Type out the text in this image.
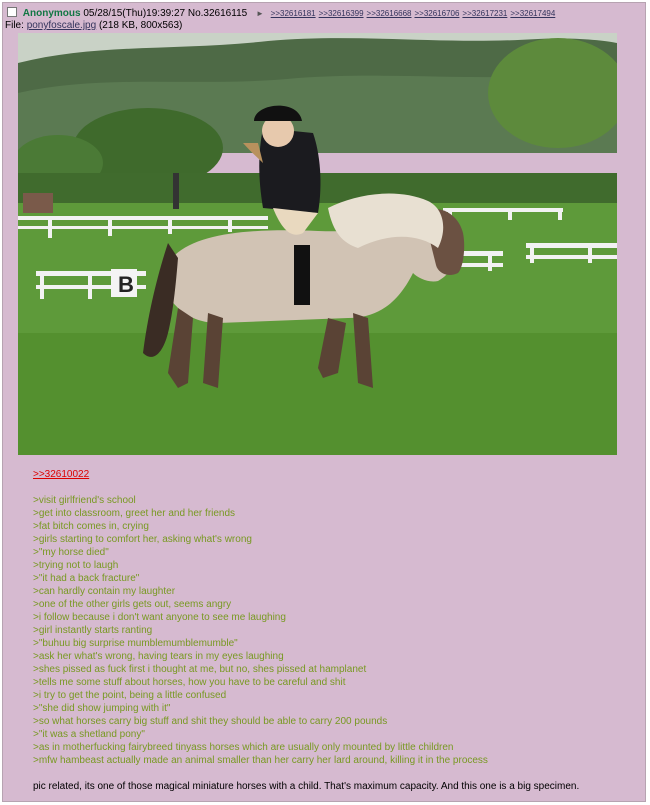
Anonymous 05/28/15(Thu)19:39:27 No.32616115 ► >>32616181 >>32616399 >>32616668 >>32616706 >>32617231 >>32617494
File: ponyfoscale.jpg (218 KB, 800x563)
B
>>32610022
>visit girlfriend's school
>get into classroom, greet her and her friends
>fat bitch comes in, crying
>girls starting to comfort her, asking what's wrong
>"my horse died"
>trying not to laugh
>"it had a back fracture"
>can hardly contain my laughter
>one of the other girls gets out, seems angry
>i follow because i don't want anyone to see me laughing
>girl instantly starts ranting
>"buhuu big surprise mumblemumblemumble"
>ask her what's wrong, having tears in my eyes laughing
>shes pissed as fuck first i thought at me, but no, shes pissed at hamplanet
>tells me some stuff about horses, how you have to be careful and shit
>i try to get the point, being a little confused
>"she did show jumping with it"
>so what horses carry big stuff and shit they should be able to carry 200 pounds
>"it was a shetland pony"
>as in motherfucking fairybreed tinyass horses which are usually only mounted by little children
>mfw hambeast actually made an animal smaller than her carry her lard around, killing it in the process
pic related, its one of those magical miniature horses with a child. That's maximum capacity. And this one is a big specimen.
